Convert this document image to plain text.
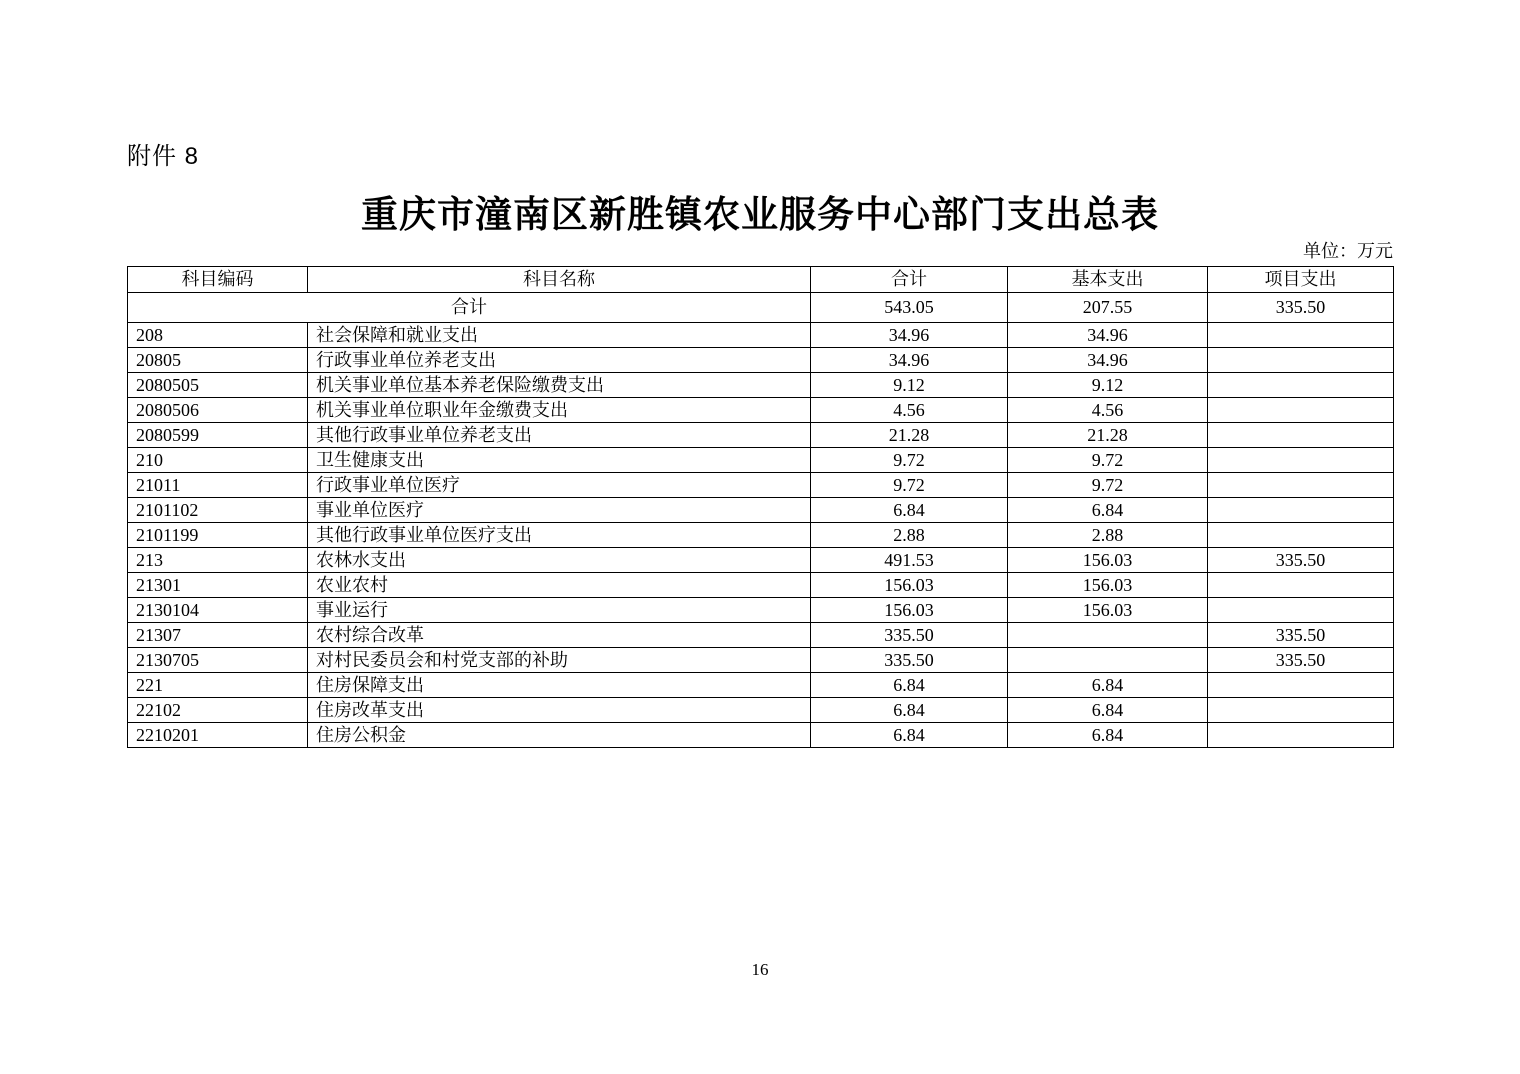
附件 8
重庆市潼南区新胜镇农业服务中心部门支出总表
单位：万元
科目编码	科目名称	合计	基本支出	项目支出
合计		543.05	207.55	335.50
208	社会保障和就业支出	34.96	34.96	
20805	行政事业单位养老支出	34.96	34.96	
2080505	机关事业单位基本养老保险缴费支出	9.12	9.12	
2080506	机关事业单位职业年金缴费支出	4.56	4.56	
2080599	其他行政事业单位养老支出	21.28	21.28	
210	卫生健康支出	9.72	9.72	
21011	行政事业单位医疗	9.72	9.72	
2101102	事业单位医疗	6.84	6.84	
2101199	其他行政事业单位医疗支出	2.88	2.88	
213	农林水支出	491.53	156.03	335.50
21301	农业农村	156.03	156.03	
2130104	事业运行	156.03	156.03	
21307	农村综合改革	335.50		335.50
2130705	对村民委员会和村党支部的补助	335.50		335.50
221	住房保障支出	6.84	6.84	
22102	住房改革支出	6.84	6.84	
2210201	住房公积金	6.84	6.84	
16
